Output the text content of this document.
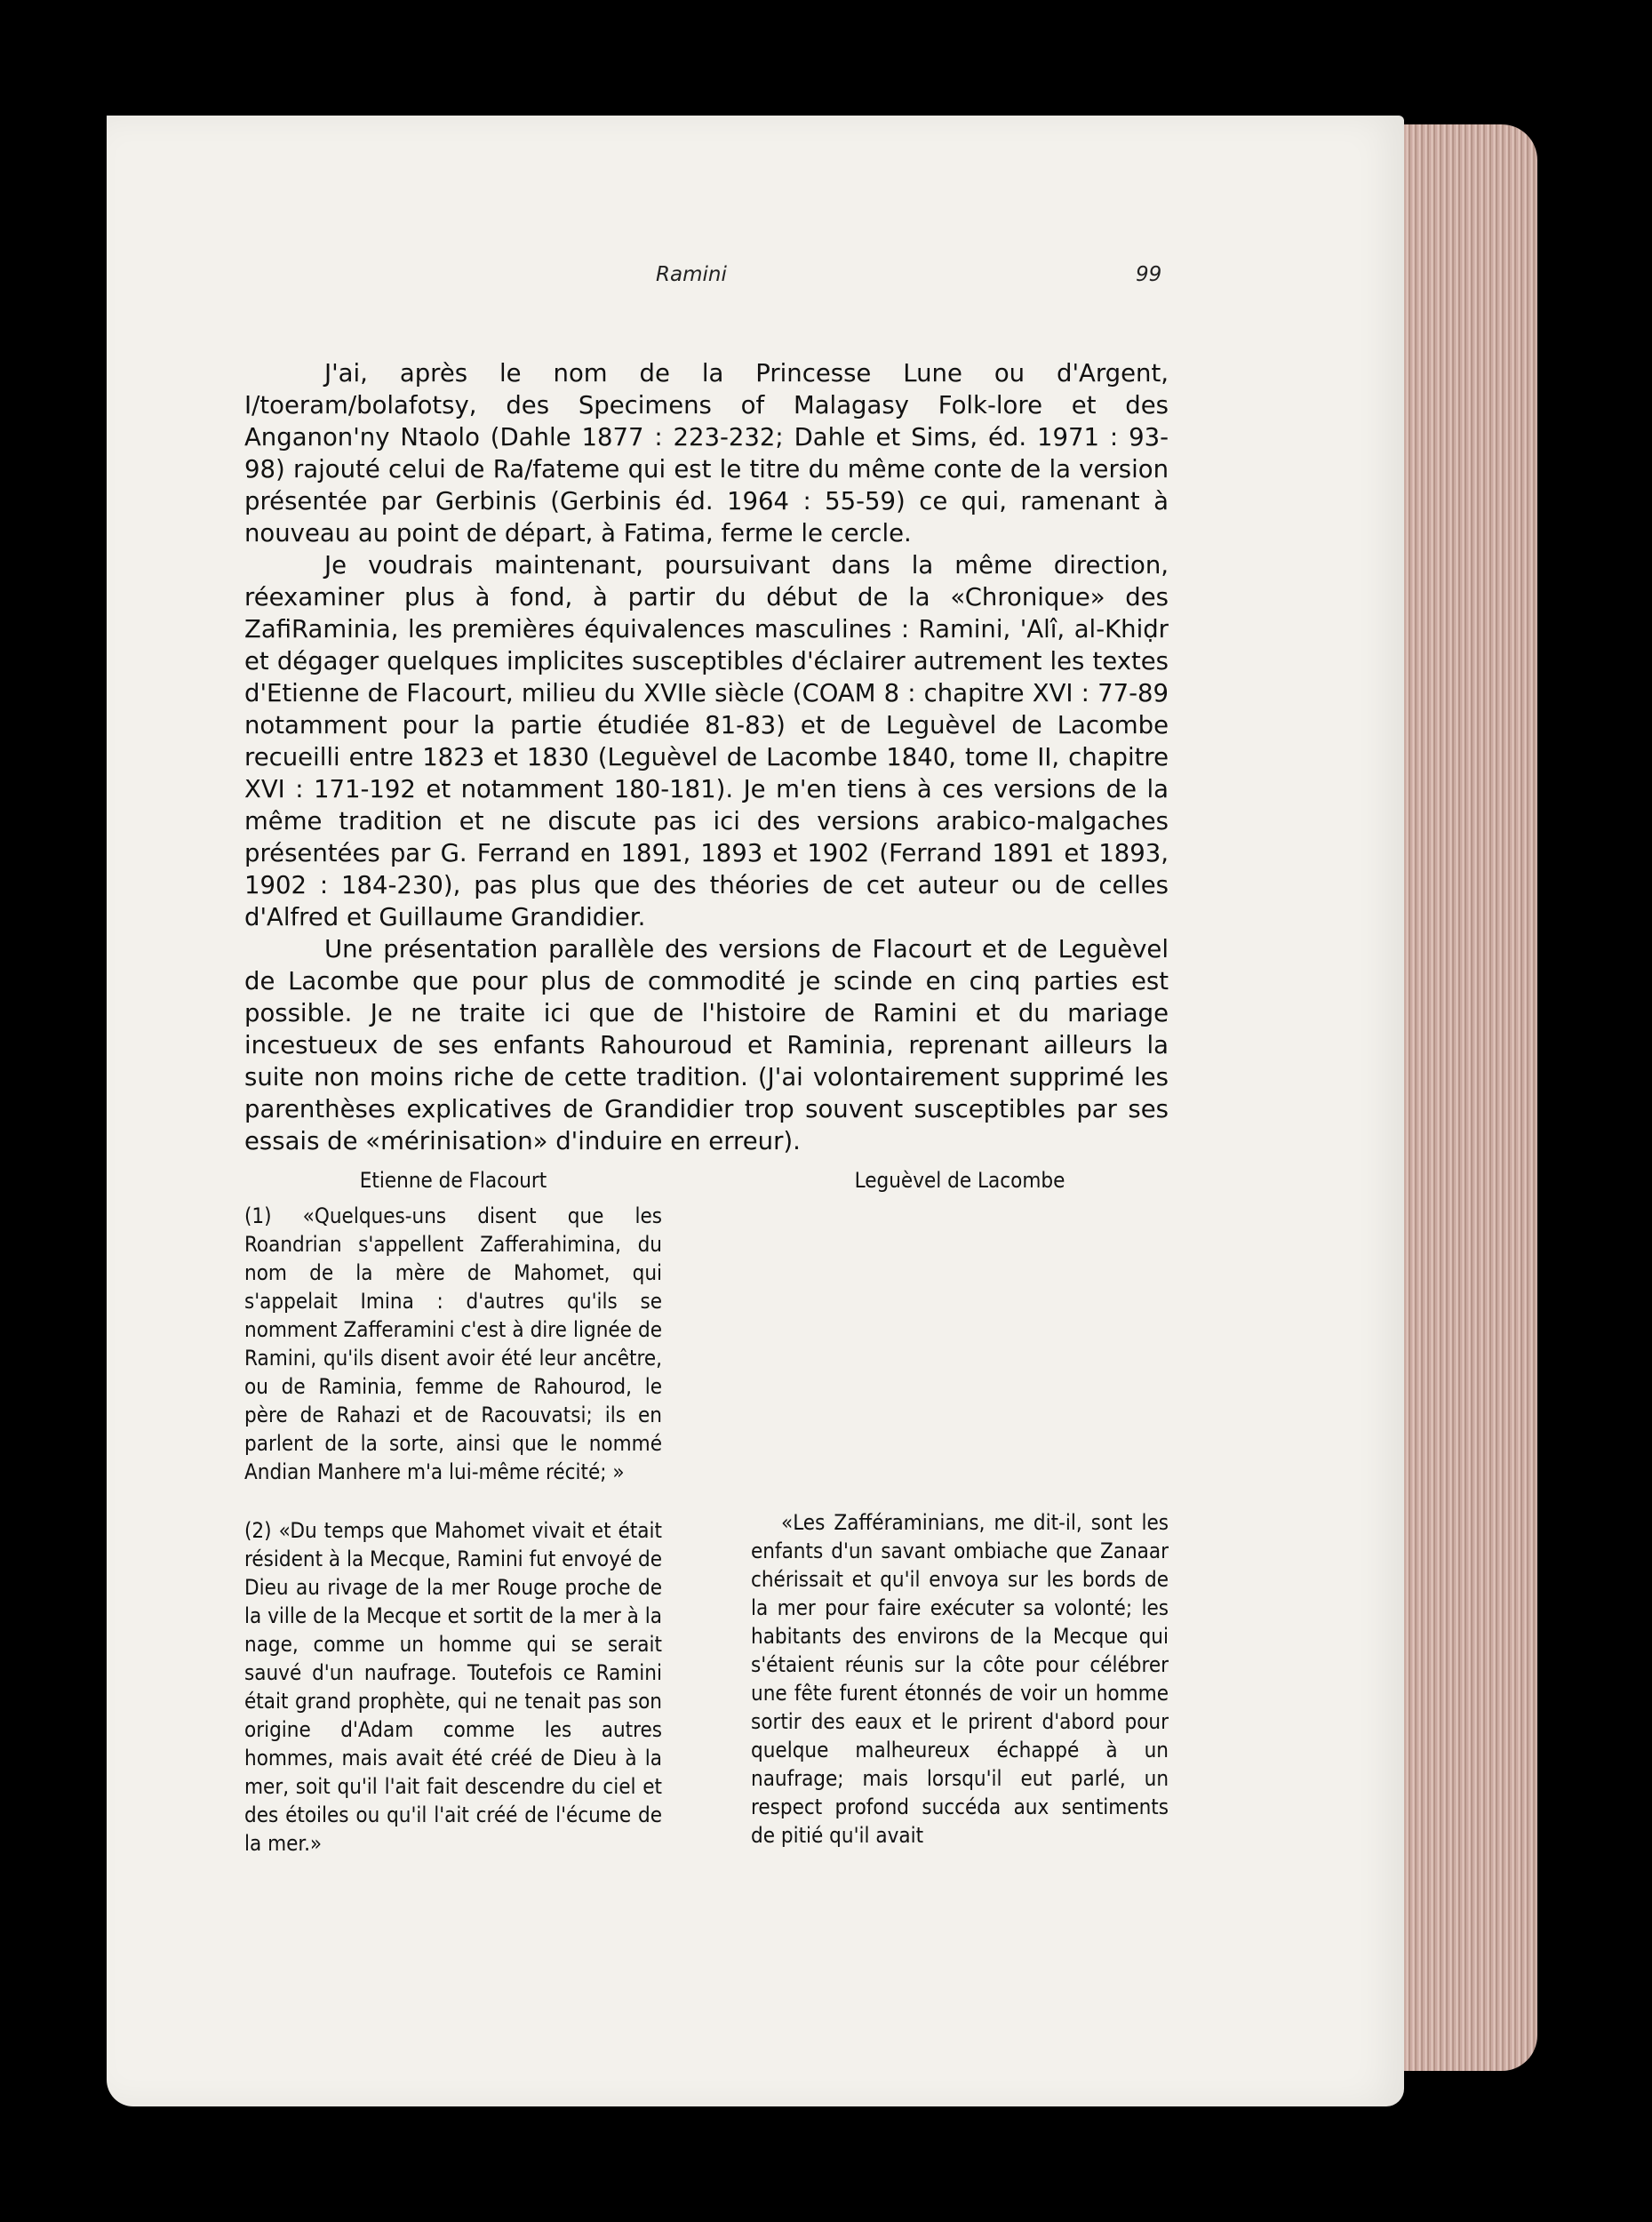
Ramini	99

J'ai, après le nom de la Princesse Lune ou d'Argent, I/toeram/bolafotsy, des Specimens of Malagasy Folk-lore et des Anganon'ny Ntaolo (Dahle 1877 : 223-232; Dahle et Sims, éd. 1971 : 93-98) rajouté celui de Ra/fateme qui est le titre du même conte de la version présentée par Gerbinis (Gerbinis éd. 1964 : 55-59) ce qui, ramenant à nouveau au point de départ, à Fatima, ferme le cercle.

Je voudrais maintenant, poursuivant dans la même direction, réexaminer plus à fond, à partir du début de la «Chronique» des ZafiRaminia, les premières équivalences masculines : Ramini, 'Alî, al-Khiḍr et dégager quelques implicites susceptibles d'éclairer autrement les textes d'Etienne de Flacourt, milieu du XVIIe siècle (COAM 8 : chapitre XVI : 77-89 notamment pour la partie étudiée 81-83) et de Leguèvel de Lacombe recueilli entre 1823 et 1830 (Leguèvel de Lacombe 1840, tome II, chapitre XVI : 171-192 et notamment 180-181). Je m'en tiens à ces versions de la même tradition et ne discute pas ici des versions arabico-malgaches présentées par G. Ferrand en 1891, 1893 et 1902 (Ferrand 1891 et 1893, 1902 : 184-230), pas plus que des théories de cet auteur ou de celles d'Alfred et Guillaume Grandidier.

Une présentation parallèle des versions de Flacourt et de Leguèvel de Lacombe que pour plus de commodité je scinde en cinq parties est possible. Je ne traite ici que de l'histoire de Ramini et du mariage incestueux de ses enfants Rahouroud et Raminia, reprenant ailleurs la suite non moins riche de cette tradition. (J'ai volontairement supprimé les parenthèses explicatives de Grandidier trop souvent susceptibles par ses essais de «mérinisation» d'induire en erreur).

Etienne de Flacourt

(1) «Quelques-uns disent que les Roandrian s'appellent Zafferahimina, du nom de la mère de Mahomet, qui s'appelait Imina : d'autres qu'ils se nomment Zafferamini c'est à dire lignée de Ramini, qu'ils disent avoir été leur ancêtre, ou de Raminia, femme de Rahourod, le père de Rahazi et de Racouvatsi; ils en parlent de la sorte, ainsi que le nommé Andian Manhere m'a lui-même récité; »

(2) «Du temps que Mahomet vivait et était résident à la Mecque, Ramini fut envoyé de Dieu au rivage de la mer Rouge proche de la ville de la Mecque et sortit de la mer à la nage, comme un homme qui se serait sauvé d'un naufrage. Toutefois ce Ramini était grand prophète, qui ne tenait pas son origine d'Adam comme les autres hommes, mais avait été créé de Dieu à la mer, soit qu'il l'ait fait descendre du ciel et des étoiles ou qu'il l'ait créé de l'écume de la mer.»

Leguèvel de Lacombe

«Les Zafféraminians, me dit-il, sont les enfants d'un savant ombiache que Zanaar chérissait et qu'il envoya sur les bords de la mer pour faire exécuter sa volonté; les habitants des environs de la Mecque qui s'étaient réunis sur la côte pour célébrer une fête furent étonnés de voir un homme sortir des eaux et le prirent d'abord pour quelque malheureux échappé à un naufrage; mais lorsqu'il eut parlé, un respect profond succéda aux sentiments de pitié qu'il avait
